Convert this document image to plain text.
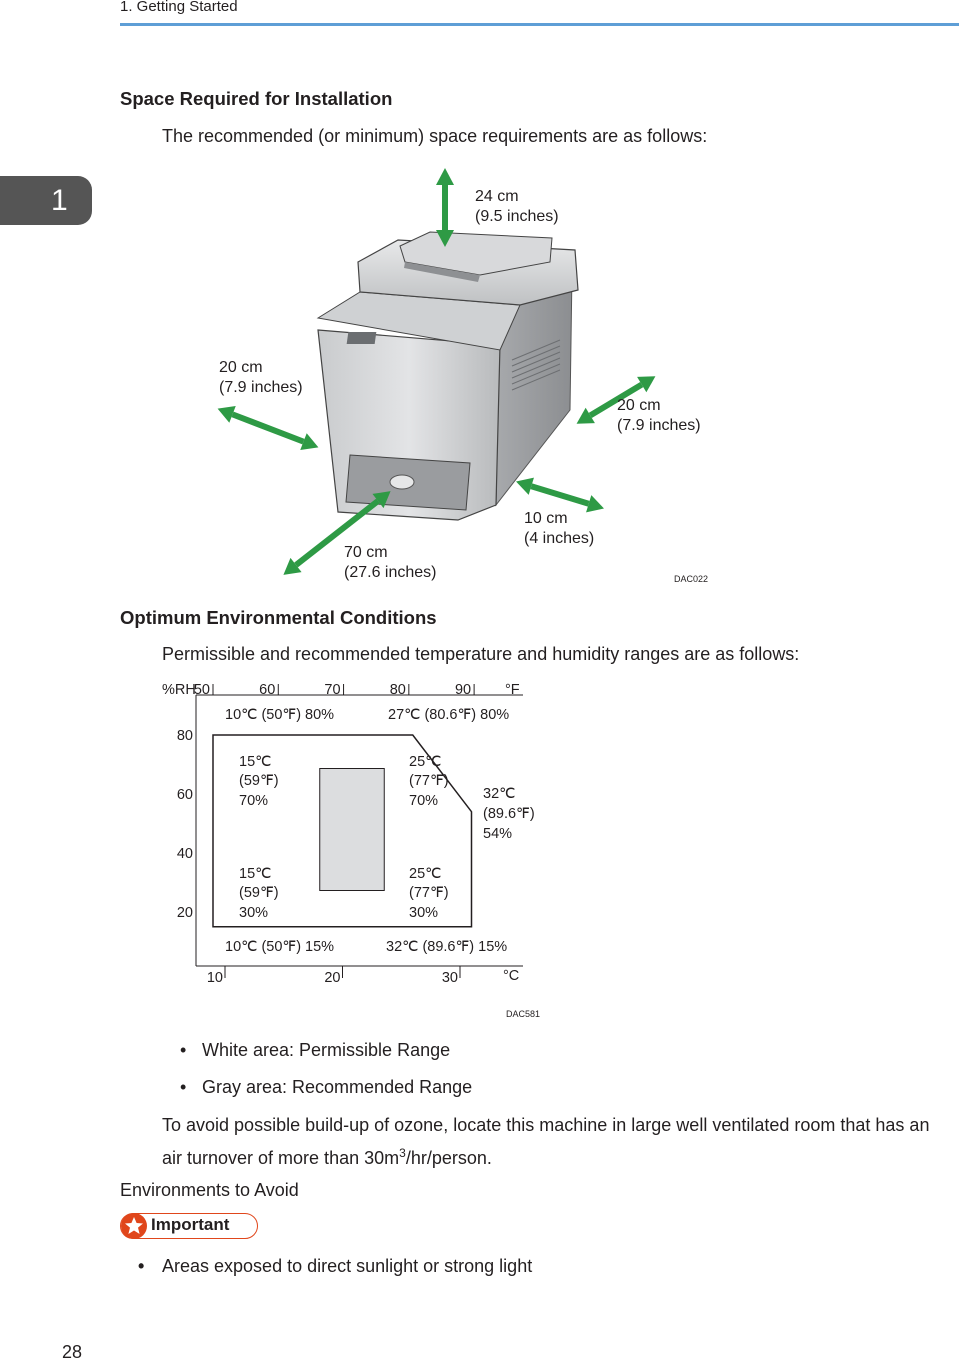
1. Getting Started
1
Space Required for Installation
The recommended (or minimum) space requirements are as follows:
24 cm
(9.5 inches)
20 cm
(7.9 inches)
20 cm
(7.9 inches)
10 cm
(4 inches)
70 cm
(27.6 inches)	DAC022
Optimum Environmental Conditions
Permissible and recommended temperature and humidity ranges are as follows:
50	60	70	80	90
80
60
40
20
10	20	30
%RH	°F
°C
10℃ (50℉) 80%	27℃ (80.6℉) 80%
10℃ (50℉) 15%	32℃ (89.6℉) 15%
32℃
(89.6℉)
54%
15℃
(59℉)
70%
25℃
(77℉)
70%
15℃
(59℉)
30%
25℃
(77℉)
30%
DAC581
• White area: Permissible Range
• Gray area: Recommended Range
To avoid possible build-up of ozone, locate this machine in large well ventilated room that has an
air turnover of more than $30m^3/hr$/person.
Environments to Avoid
Important
• Areas exposed to direct sunlight or strong light
28
